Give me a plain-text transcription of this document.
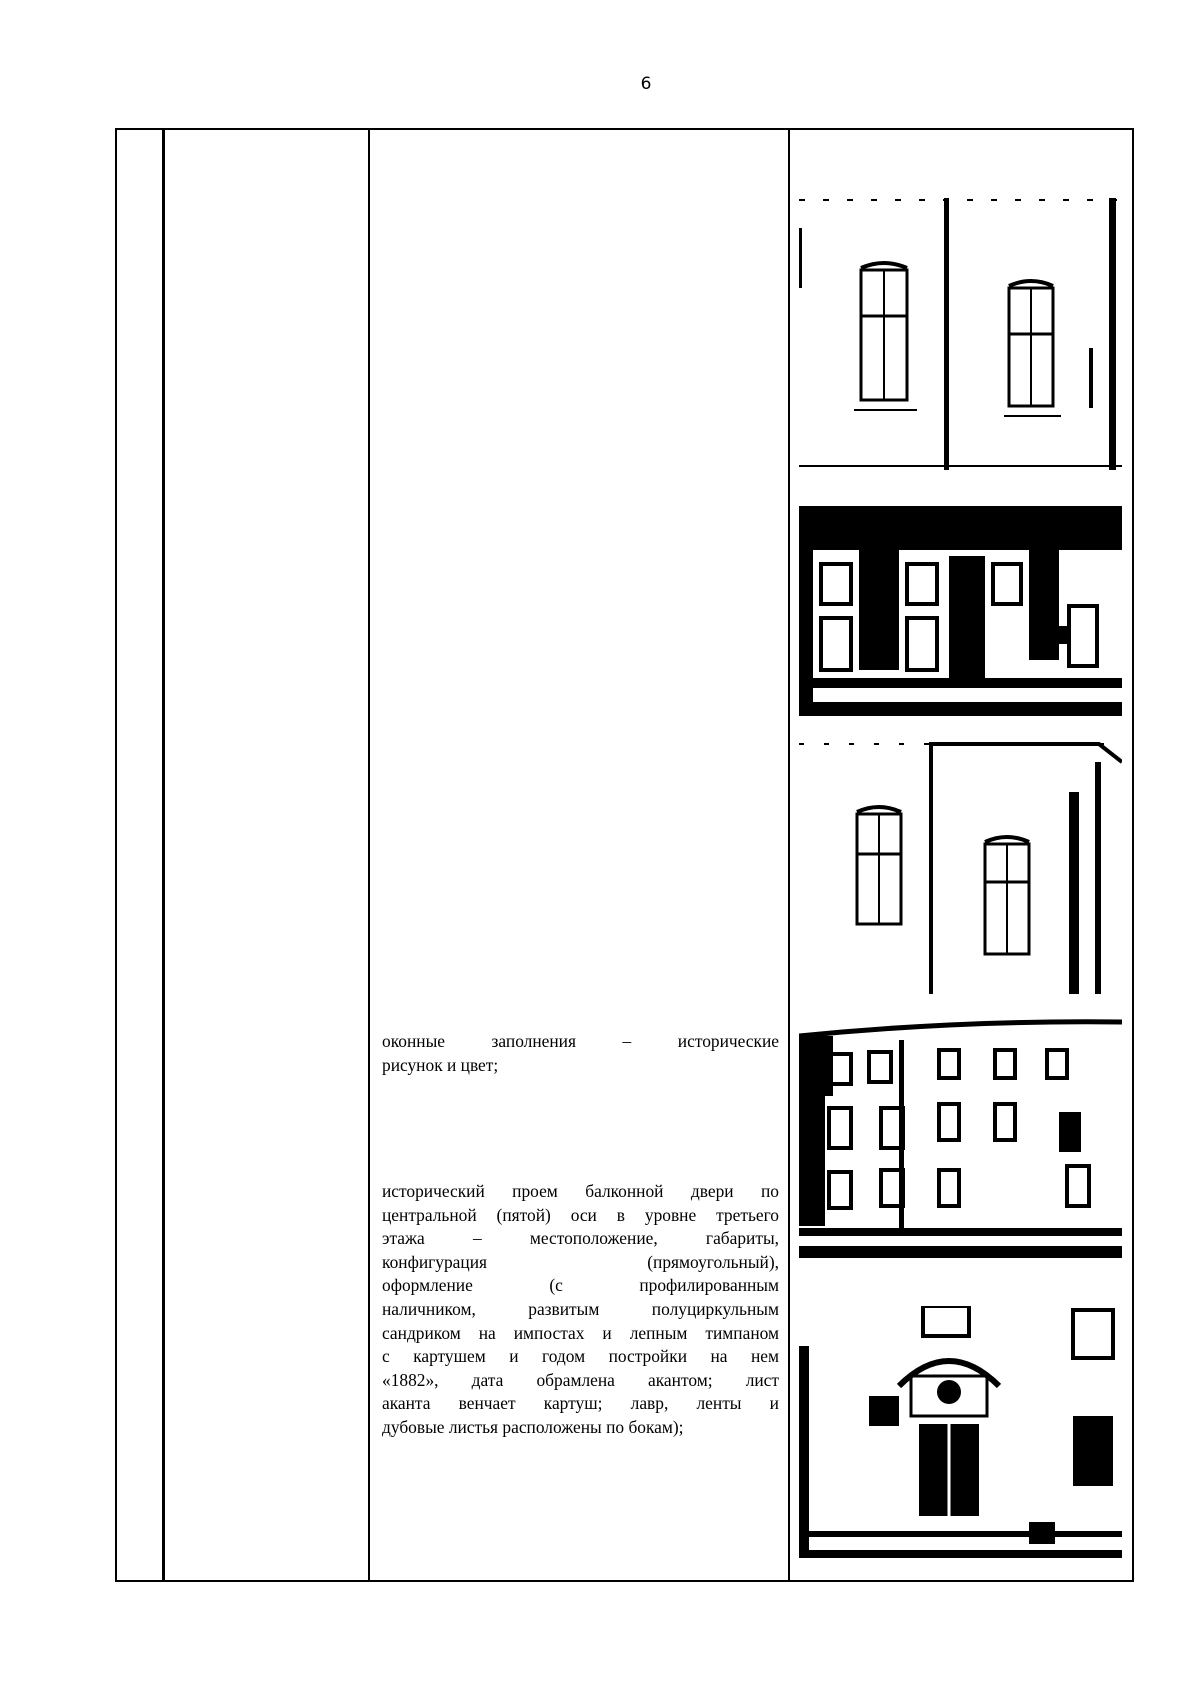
6
оконные заполнения – исторические
рисунок и цвет;
исторический проем балконной двери по
центральной (пятой) оси в уровне третьего
этажа – местоположение, габариты,
конфигурация (прямоугольный),
оформление (с профилированным
наличником, развитым полуциркульным
сандриком на импостах и лепным тимпаном
с картушем и годом постройки на нем
«1882», дата обрамлена акантом; лист
аканта венчает картуш; лавр, ленты и
дубовые листья расположены по бокам);
